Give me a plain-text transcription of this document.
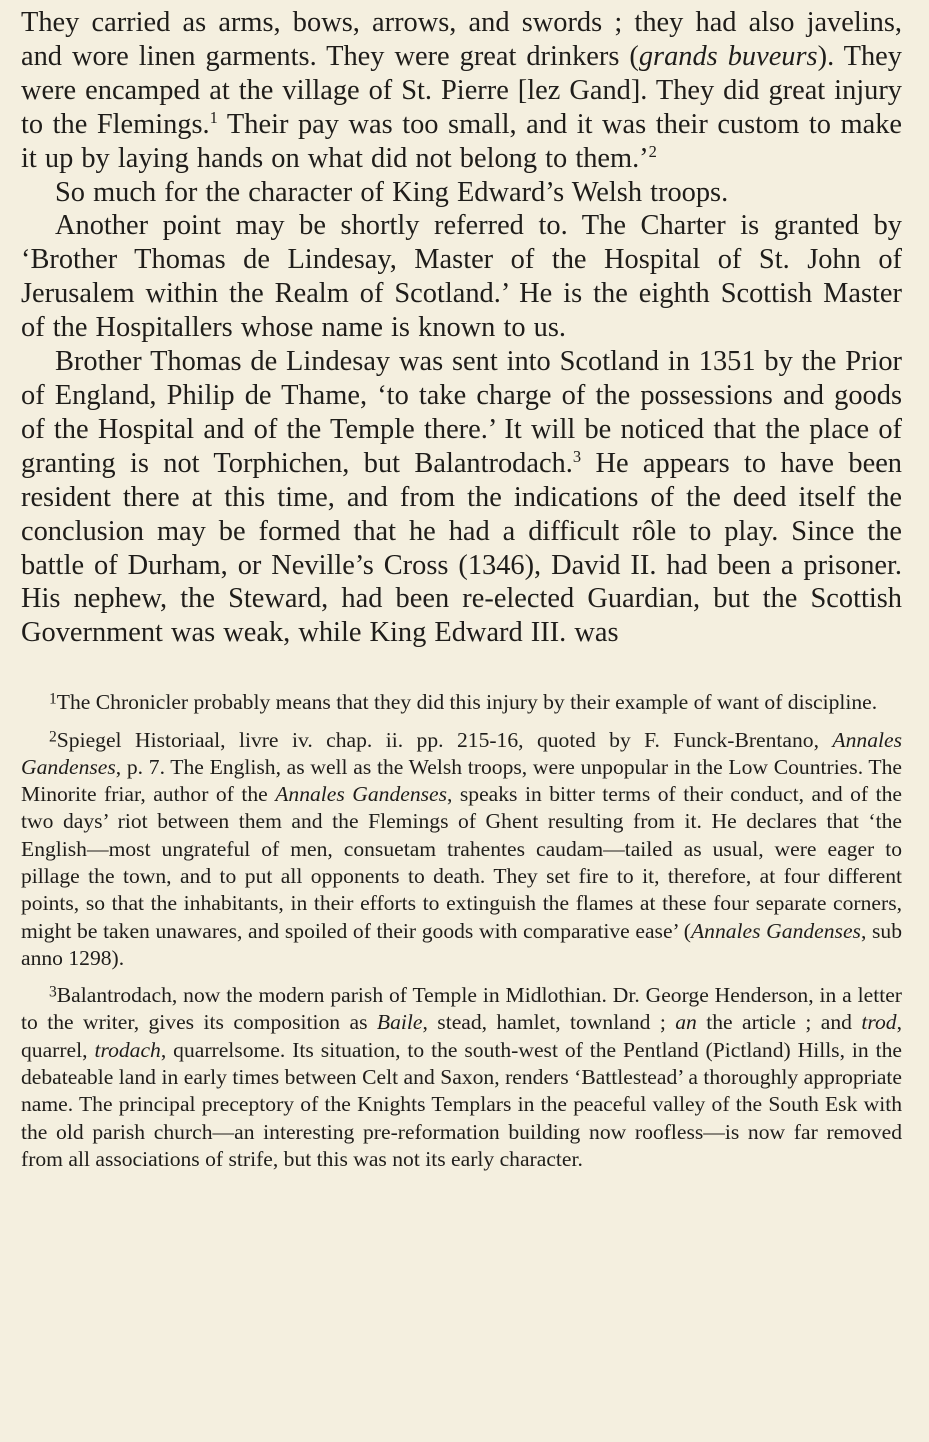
They carried as arms, bows, arrows, and swords ; they had also javelins, and wore linen garments. They were great drinkers (grands buveurs). They were encamped at the village of St. Pierre [lez Gand]. They did great injury to the Flemings.$^1$ Their pay was too small, and it was their custom to make it up by laying hands on what did not belong to them.’$^2$

So much for the character of King Edward’s Welsh troops.

Another point may be shortly referred to. The Charter is granted by ‘Brother Thomas de Lindesay, Master of the Hospital of St. John of Jerusalem within the Realm of Scotland.’ He is the eighth Scottish Master of the Hospitallers whose name is known to us.

Brother Thomas de Lindesay was sent into Scotland in 1351 by the Prior of England, Philip de Thame, ‘to take charge of the possessions and goods of the Hospital and of the Temple there.’ It will be noticed that the place of granting is not Torphichen, but Balantrodach.$^3$ He appears to have been resident there at this time, and from the indications of the deed itself the conclusion may be formed that he had a difficult rôle to play. Since the battle of Durham, or Neville’s Cross (1346), David II. had been a prisoner. His nephew, the Steward, had been re-elected Guardian, but the Scottish Government was weak, while King Edward III. was

$^1$The Chronicler probably means that they did this injury by their example of want of discipline.

$^2$Spiegel Historiaal, livre iv. chap. ii. pp. 215-16, quoted by F. Funck-Brentano, Annales Gandenses, p. 7. The English, as well as the Welsh troops, were unpopular in the Low Countries. The Minorite friar, author of the Annales Gandenses, speaks in bitter terms of their conduct, and of the two days’ riot between them and the Flemings of Ghent resulting from it. He declares that ‘the English—most ungrateful of men, consuetam trahentes caudam—tailed as usual, were eager to pillage the town, and to put all opponents to death. They set fire to it, therefore, at four different points, so that the inhabitants, in their efforts to extinguish the flames at these four separate corners, might be taken unawares, and spoiled of their goods with comparative ease’ (Annales Gandenses, sub anno 1298).

$^3$Balantrodach, now the modern parish of Temple in Midlothian. Dr. George Henderson, in a letter to the writer, gives its composition as Baile, stead, hamlet, townland ; an the article ; and trod, quarrel, trodach, quarrelsome. Its situation, to the south-west of the Pentland (Pictland) Hills, in the debateable land in early times between Celt and Saxon, renders ‘Battlestead’ a thoroughly appropriate name. The principal preceptory of the Knights Templars in the peaceful valley of the South Esk with the old parish church—an interesting pre-reformation building now roofless—is now far removed from all associations of strife, but this was not its early character.
